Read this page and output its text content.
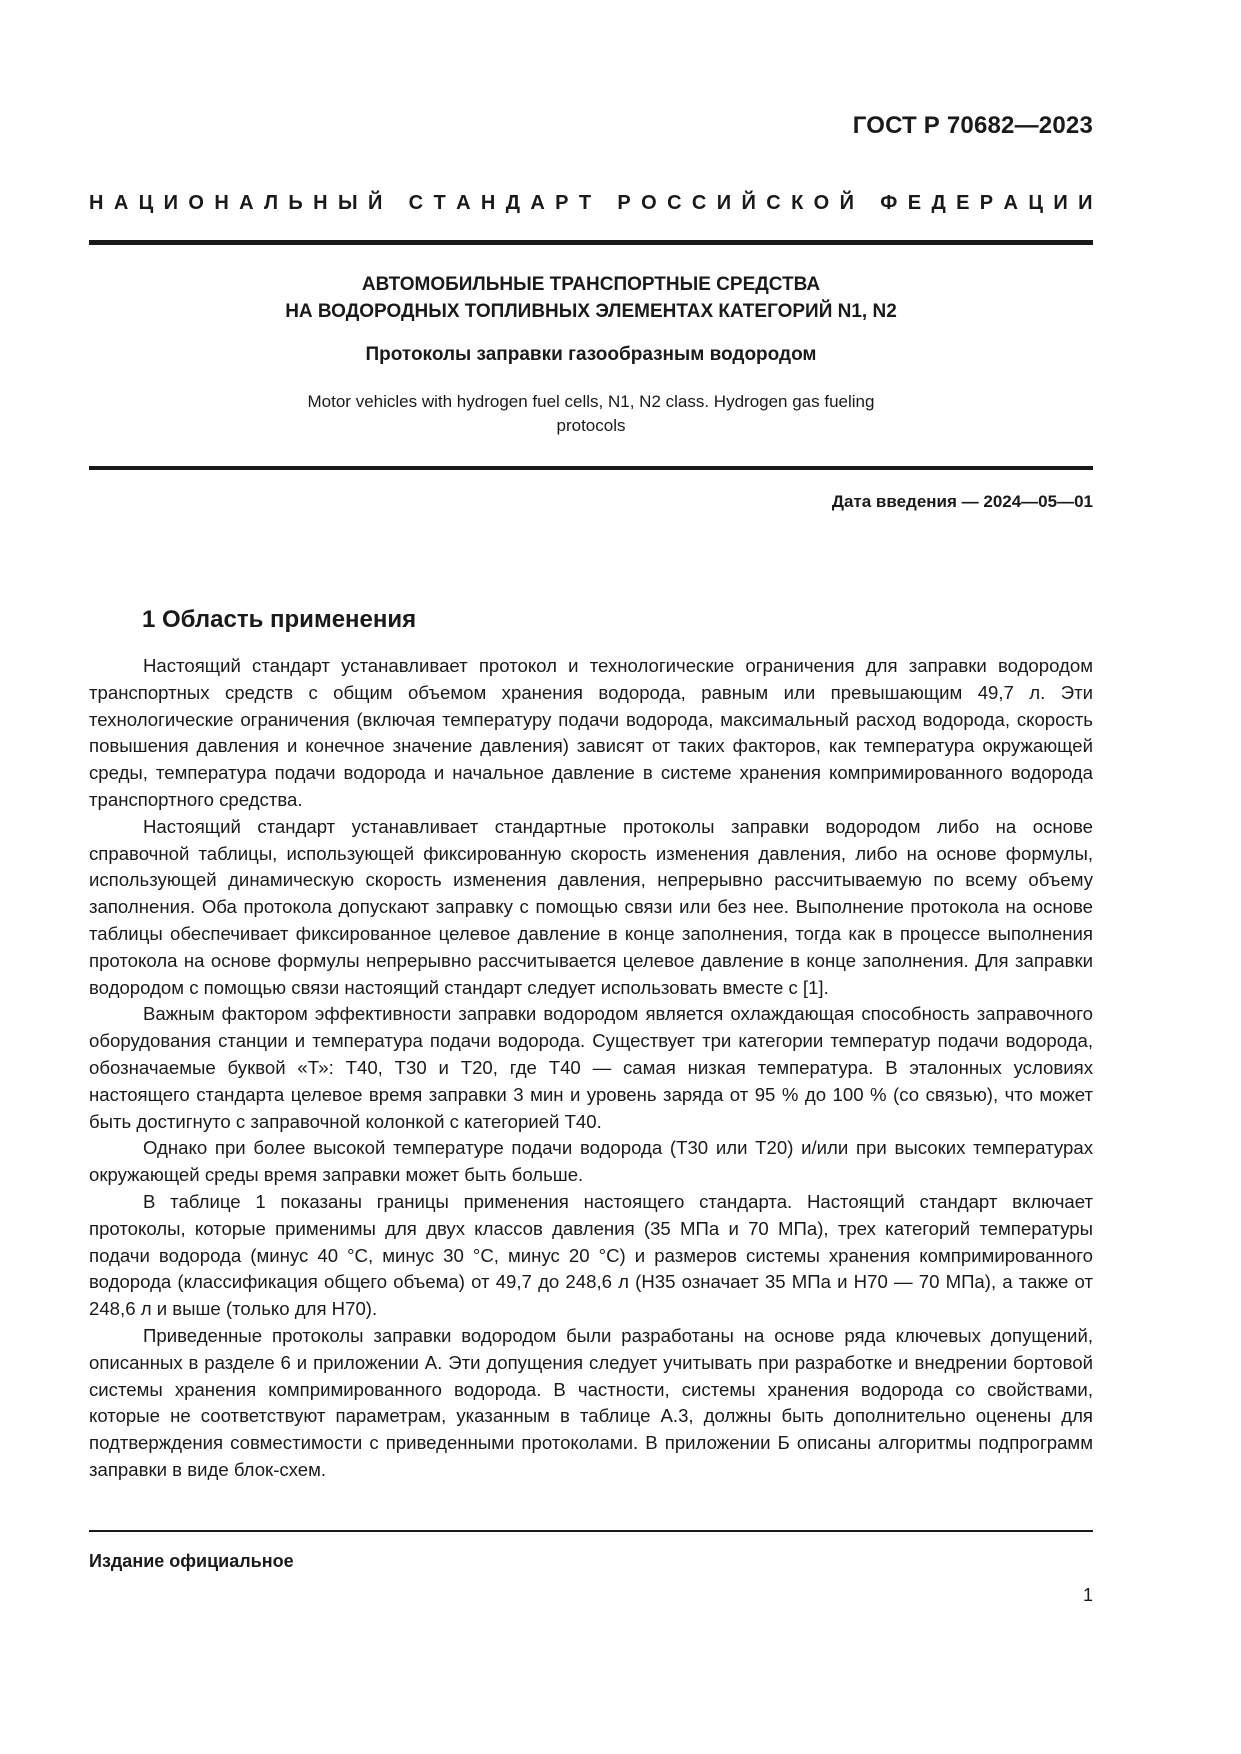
ГОСТ Р 70682—2023
Н А Ц И О Н А Л Ь Н Ы Й
С Т А Н Д А Р Т
Р О С С И Й С К О Й
Ф Е Д Е Р А Ц И И
АВТОМОБИЛЬНЫЕ ТРАНСПОРТНЫЕ СРЕДСТВА
НА ВОДОРОДНЫХ ТОПЛИВНЫХ ЭЛЕМЕНТАХ КАТЕГОРИЙ N1, N2
Протоколы заправки газообразным водородом
Motor vehicles with hydrogen fuel cells, N1, N2 class. Hydrogen gas fueling
protocols
Дата введения — 2024—05—01
1 Область применения

Настоящий стандарт устанавливает протокол и технологические ограничения для заправки водородом транспортных средств с общим объемом хранения водорода, равным или превышающим 49,7 л. Эти технологические ограничения (включая температуру подачи водорода, максимальный расход водорода, скорость повышения давления и конечное значение давления) зависят от таких факторов, как температура окружающей среды, температура подачи водорода и начальное давление в системе хранения компримированного водорода транспортного средства.

Настоящий стандарт устанавливает стандартные протоколы заправки водородом либо на основе справочной таблицы, использующей фиксированную скорость изменения давления, либо на основе формулы, использующей динамическую скорость изменения давления, непрерывно рассчитываемую по всему объему заполнения. Оба протокола допускают заправку с помощью связи или без нее. Выполнение протокола на основе таблицы обеспечивает фиксированное целевое давление в конце заполнения, тогда как в процессе выполнения протокола на основе формулы непрерывно рассчитывается целевое давление в конце заполнения. Для заправки водородом с помощью связи настоящий стандарт следует использовать вместе с [1].

Важным фактором эффективности заправки водородом является охлаждающая способность заправочного оборудования станции и температура подачи водорода. Существует три категории температур подачи водорода, обозначаемые буквой «Т»: Т40, Т30 и Т20, где Т40 — самая низкая температура. В эталонных условиях настоящего стандарта целевое время заправки 3 мин и уровень заряда от 95 % до 100 % (со связью), что может быть достигнуто с заправочной колонкой с категорией Т40.

Однако при более высокой температуре подачи водорода (Т30 или Т20) и/или при высоких температурах окружающей среды время заправки может быть больше.

В таблице 1 показаны границы применения настоящего стандарта. Настоящий стандарт включает протоколы, которые применимы для двух классов давления (35 МПа и 70 МПа), трех категорий температуры подачи водорода (минус 40 °С, минус 30 °С, минус 20 °С) и размеров системы хранения компримированного водорода (классификация общего объема) от 49,7 до 248,6 л (Н35 означает 35 МПа и Н70 — 70 МПа), а также от 248,6 л и выше (только для Н70).

Приведенные протоколы заправки водородом были разработаны на основе ряда ключевых допущений, описанных в разделе 6 и приложении А. Эти допущения следует учитывать при разработке и внедрении бортовой системы хранения компримированного водорода. В частности, системы хранения водорода со свойствами, которые не соответствуют параметрам, указанным в таблице А.3, должны быть дополнительно оценены для подтверждения совместимости с приведенными протоколами. В приложении Б описаны алгоритмы подпрограмм заправки в виде блок-схем.

Издание официальное
1
